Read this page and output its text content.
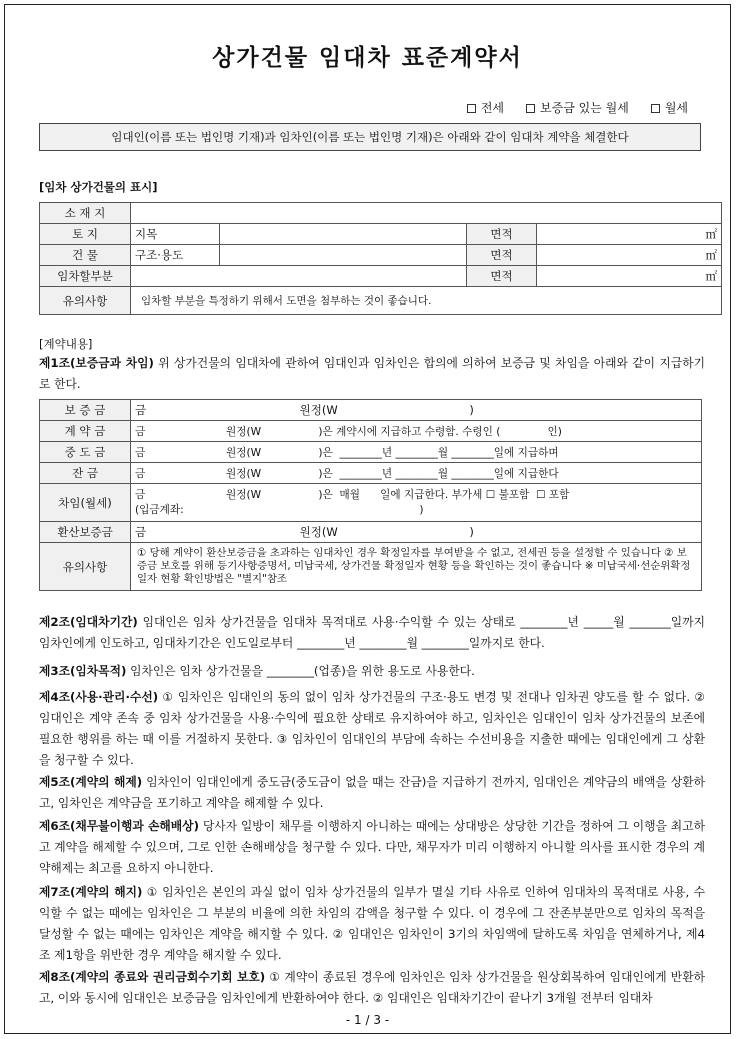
상가건물 임대차 표준계약서
전세	보증금 있는 월세	월세
임대인(이름 또는 법인명 기재)과 임차인(이름 또는 법인명 기재)은 아래와 같이 임대차 계약을 체결한다
[임차 상가건물의 표시]
소 재 지				
토 지	지목		면적	㎡
건 물	구조·용도		면적	㎡
임차할부분			면적	㎡
유의사항	임차할 부분을 특정하기 위해서 도면을 첨부하는 것이 좋습니다.			
[계약내용]
제1조(보증금과 차임) 위 상가건물의 임대차에 관하여 임대인과 임차인은 합의에 의하여 보증금 및 차임을 아래와 같이 지급하기로 한다.
보 증 금	금                                          원정(W                                    )
계 약 금	금                        원정(W                 )은 계약시에 지급하고 수령함. 수령인 (              인)
중 도 금	금                        원정(W                 )은  ________년 ________월 ________일에 지급하며
잔 금	금                        원정(W                 )은  ________년 ________월 ________일에 지급한다
차임(월세)	금                        원정(W                 )은  매월      일에 지급한다. 부가세 ☐ 불포함  ☐ 포함
(입금계좌:                                                                      )

환산보증금	금                                          원정(W                                    )
유의사항	① 당해 계약이 환산보증금을 초과하는 임대차인 경우 확정일자를 부여받을 수 없고, 전세권 등을 설정할 수 있습니다 ② 보증금 보호를 위해 등기사항증명서, 미납국세, 상가건물 확정일자 현황 등을 확인하는 것이 좋습니다 ※ 미납국세·선순위확정일자 현황 확인방법은 "별지"참조
제2조(임대차기간) 임대인은 임차 상가건물을 임대차 목적대로 사용·수익할 수 있는 상태로 ________년 _____월 _______일까지 임차인에게 인도하고, 임대차기간은 인도일로부터 ________년 ________월 ________일까지로 한다.
제3조(임차목적) 임차인은 임차 상가건물을 ________(업종)을 위한 용도로 사용한다.
제4조(사용·관리·수선) ① 임차인은 임대인의 동의 없이 임차 상가건물의 구조·용도 변경 및 전대나 임차권 양도를 할 수 없다. ② 임대인은 계약 존속 중 임차 상가건물을 사용·수익에 필요한 상태로 유지하여야 하고, 임차인은 임대인이 임차 상가건물의 보존에 필요한 행위를 하는 때 이를 거절하지 못한다. ③ 임차인이 임대인의 부담에 속하는 수선비용을 지출한 때에는 임대인에게 그 상환을 청구할 수 있다.
제5조(계약의 해제) 임차인이 임대인에게 중도금(중도금이 없을 때는 잔금)을 지급하기 전까지, 임대인은 계약금의 배액을 상환하고, 임차인은 계약금을 포기하고 계약을 해제할 수 있다.
제6조(채무불이행과 손해배상) 당사자 일방이 채무를 이행하지 아니하는 때에는 상대방은 상당한 기간을 정하여 그 이행을 최고하고 계약을 해제할 수 있으며, 그로 인한 손해배상을 청구할 수 있다. 다만, 채무자가 미리 이행하지 아니할 의사를 표시한 경우의 계약해제는 최고를 요하지 아니한다.
제7조(계약의 해지) ① 임차인은 본인의 과실 없이 임차 상가건물의 일부가 멸실 기타 사유로 인하여 임대차의 목적대로 사용, 수익할 수 없는 때에는 임차인은 그 부분의 비율에 의한 차임의 감액을 청구할 수 있다. 이 경우에 그 잔존부분만으로 임차의 목적을 달성할 수 없는 때에는 임차인은 계약을 해지할 수 있다. ② 임대인은 임차인이 3기의 차임액에 달하도록 차임을 연체하거나, 제4조 제1항을 위반한 경우 계약을 해지할 수 있다.
제8조(계약의 종료와 권리금회수기회 보호) ① 계약이 종료된 경우에 임차인은 임차 상가건물을 원상회복하여 임대인에게 반환하고, 이와 동시에 임대인은 보증금을 임차인에게 반환하여야 한다. ② 임대인은 임대차기간이 끝나기 3개월 전부터 임대차
- 1 / 3 -
